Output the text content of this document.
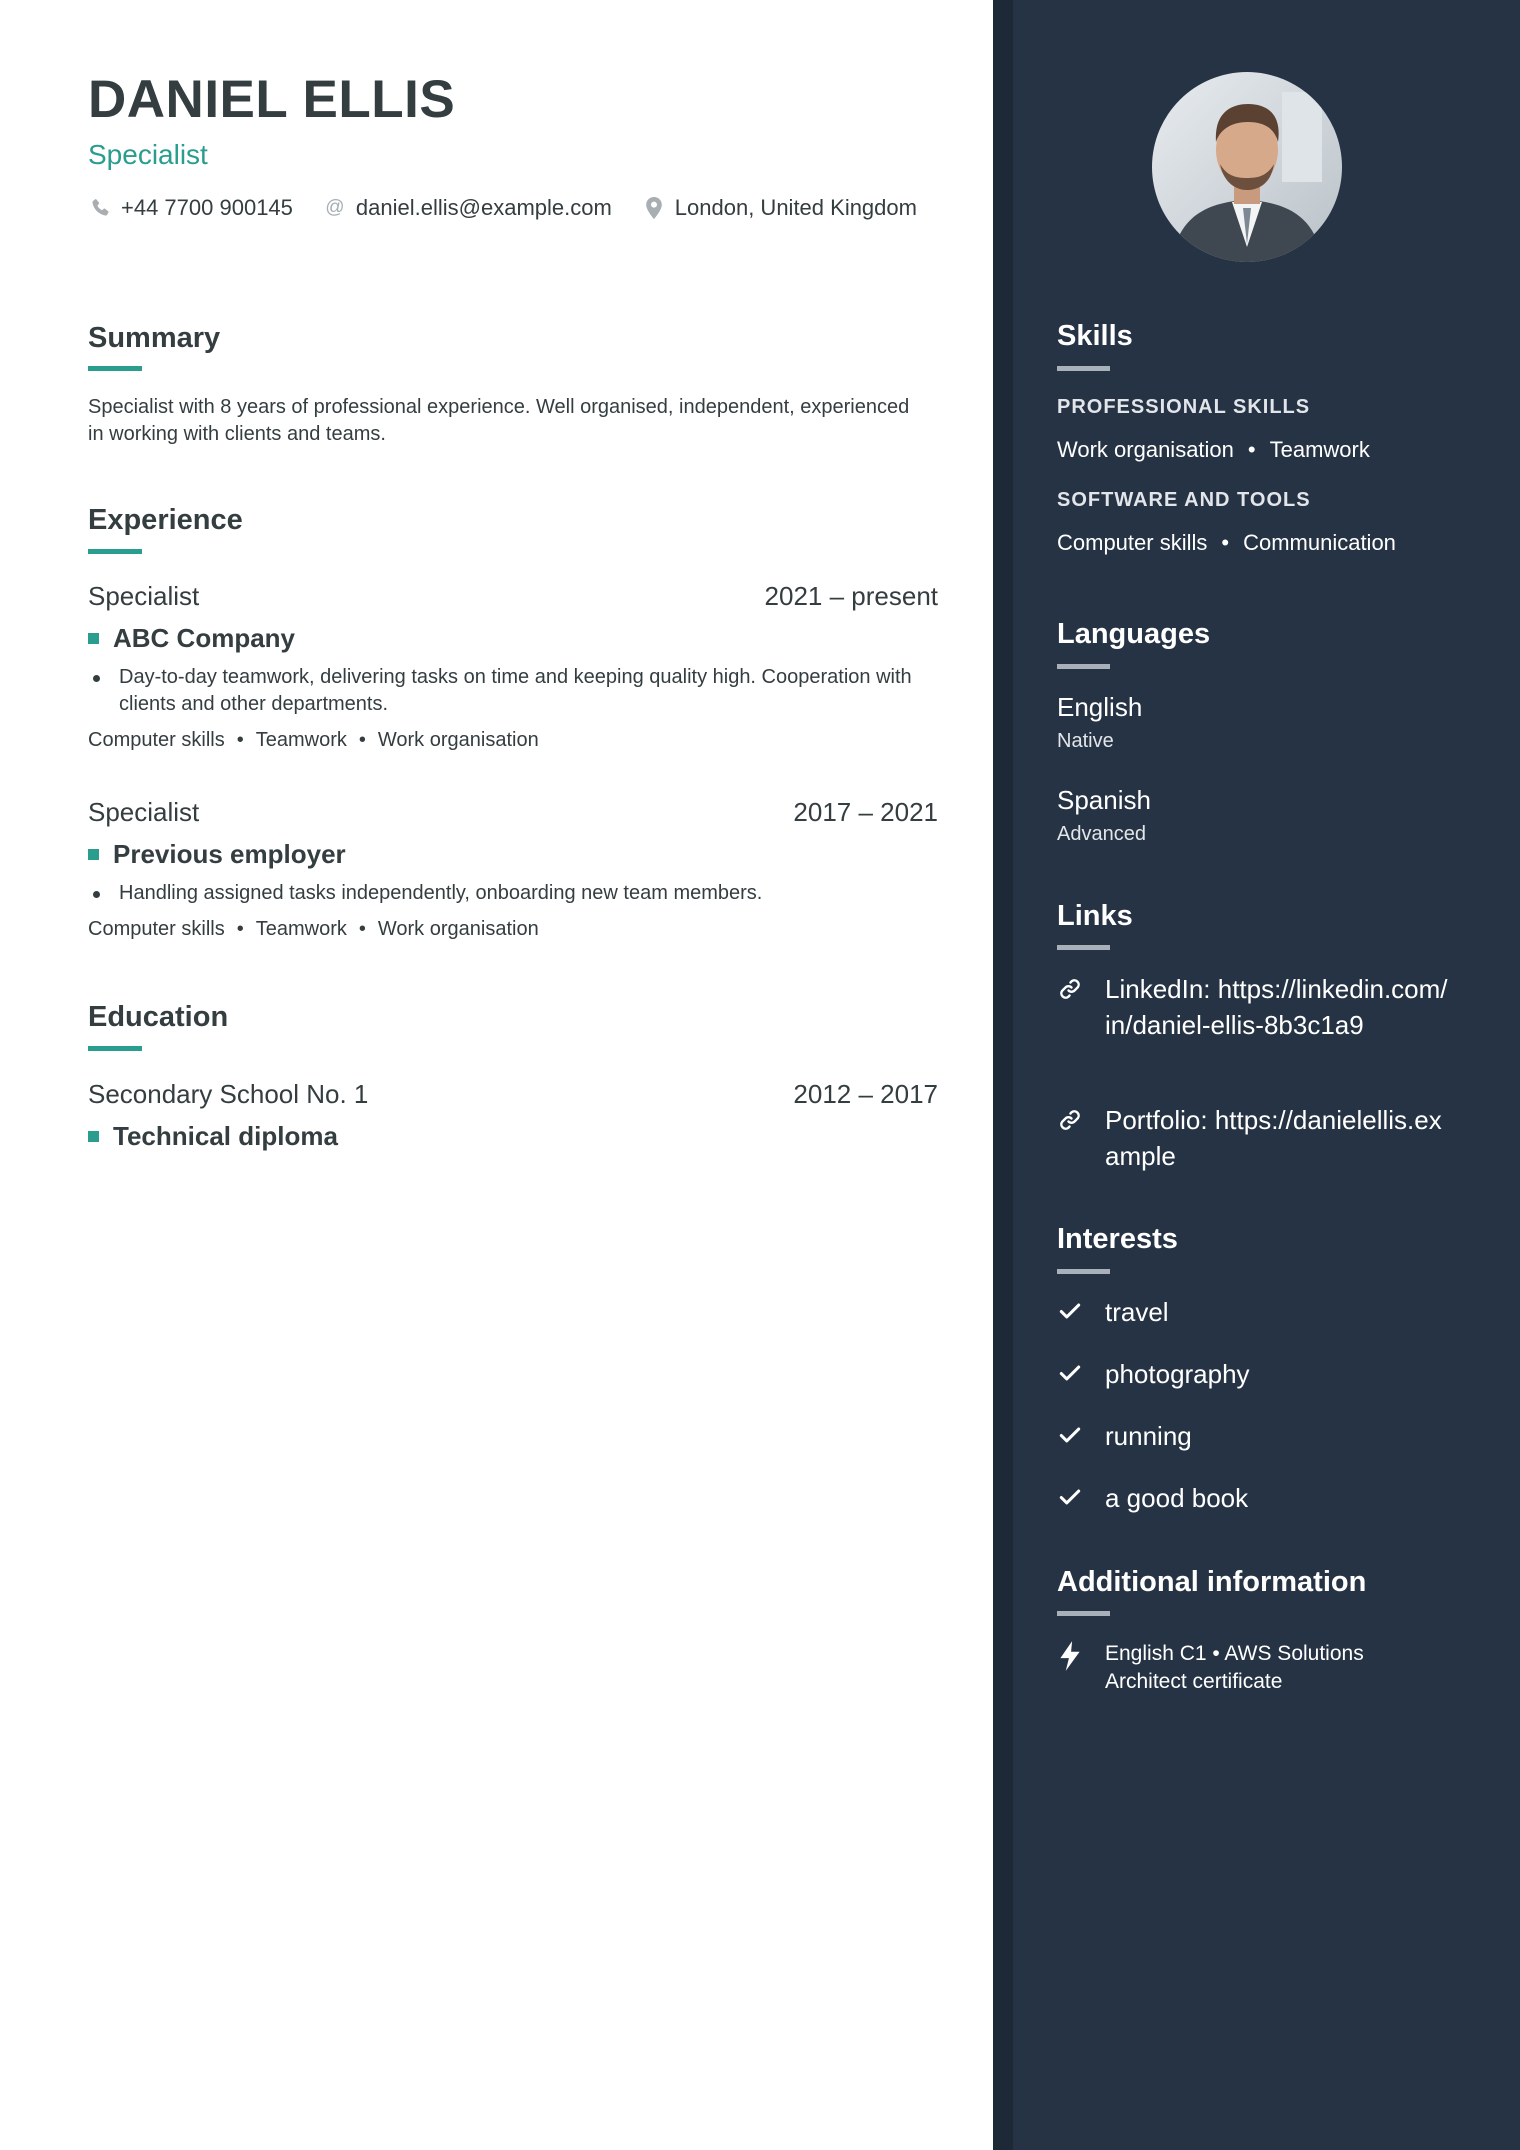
DANIEL ELLIS
Specialist
+44 7700 900145 @ daniel.ellis@example.com	London, United Kingdom
Summary

Specialist with 8 years of professional experience. Well organised, independent, experienced in working with clients and teams.

Experience
Specialist	2021 – present
ABC Company

Day-to-day teamwork, delivering tasks on time and keeping quality high. Cooperation with clients and other departments.

Computer skills • Teamwork • Work organisation
Specialist	2017 – 2021
Previous employer

Handling assigned tasks independently, onboarding new team members.

Computer skills • Teamwork • Work organisation
Education
Secondary School No. 1	2012 – 2017
Technical diploma
Skills
PROFESSIONAL SKILLS
Work organisation • Teamwork
SOFTWARE AND TOOLS
Computer skills • Communication
Languages
English
Native
Spanish
Advanced
Links
LinkedIn: https://linkedin.com/in/daniel-ellis-8b3c1a9
Portfolio: https://danielellis.example
Interests
travel
photography
running
a good book
Additional information
English C1 • AWS Solutions Architect certificate
